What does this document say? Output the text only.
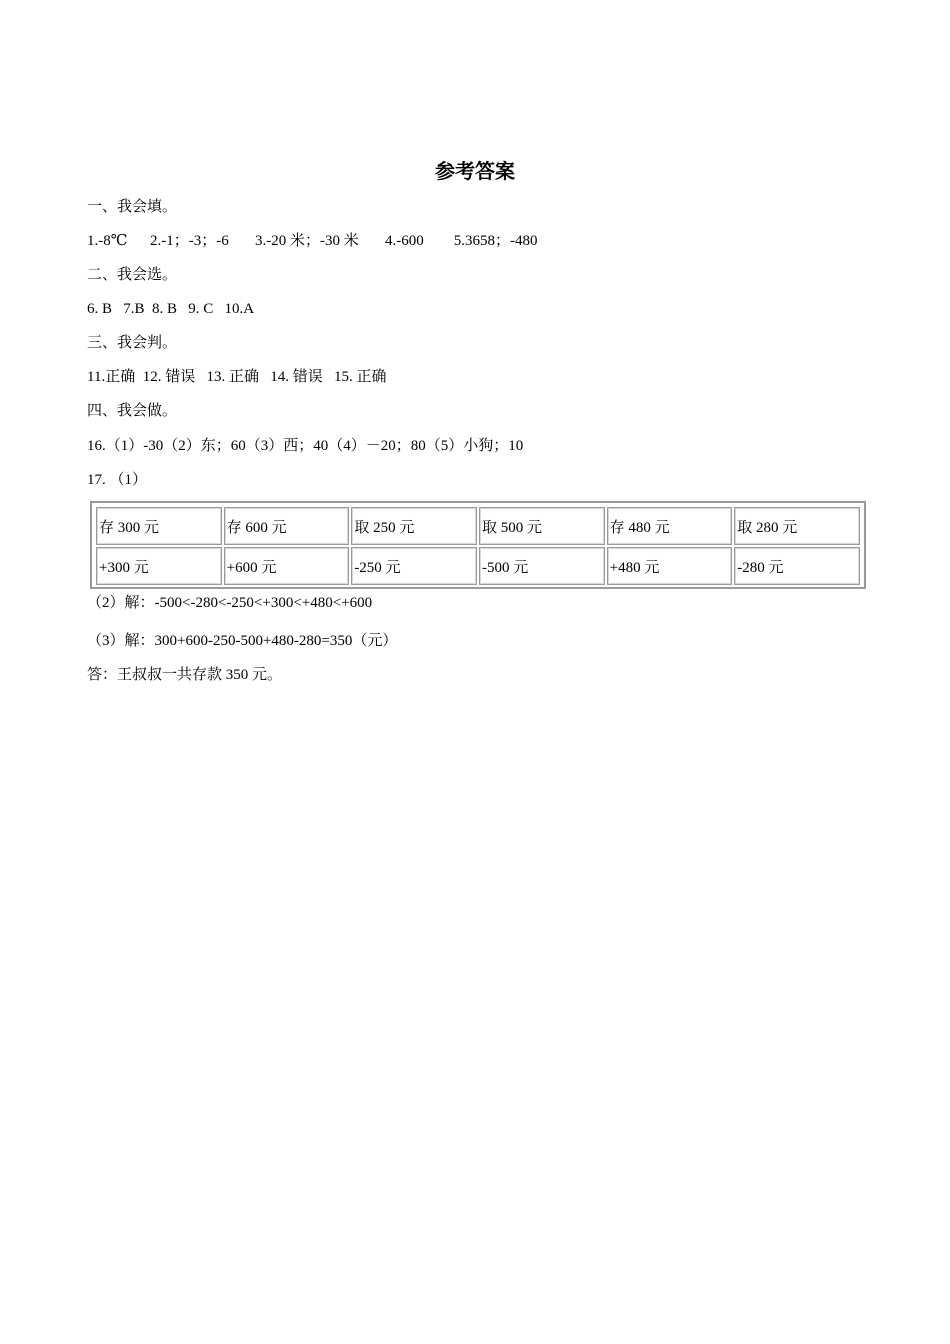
参考答案
一、我会填。
1.-8℃      2.-1；-3；-6       3.-20 米；-30 米       4.-600        5.3658；-480
二、我会选。
6. B   7.B  8. B   9. C   10.A
三、我会判。
11.正确  12. 错误   13. 正确   14. 错误   15. 正确
四、我会做。
16.（1）-30（2）东；60（3）西；40（4）－20；80（5）小狗；10
17. （1）
存 300 元	存 600 元	取 250 元	取 500 元	存 480 元	取 280 元
+300 元	+600 元	-250 元	-500 元	+480 元	-280 元
（2）解：-500<-280<-250<+300<+480<+600
（3）解：300+600-250-500+480-280=350（元）
答：王叔叔一共存款 350 元。
